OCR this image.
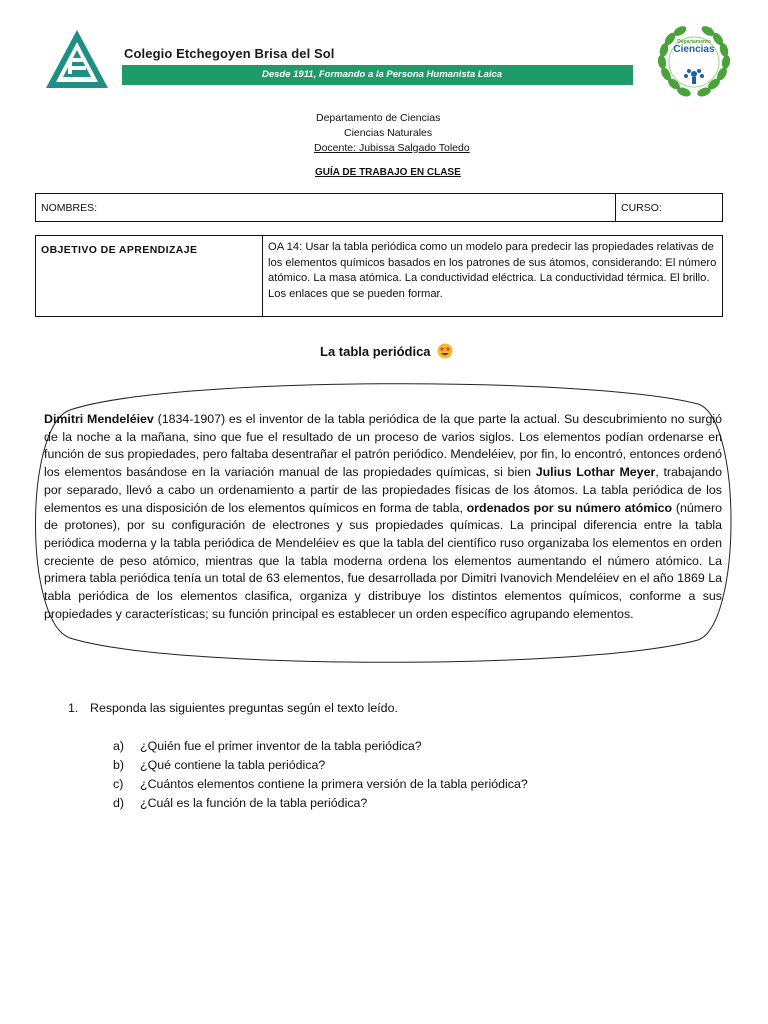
Colegio Etchegoyen Brisa del Sol
Desde 1911, Formando a la Persona Humanista Laica
Departamento
Ciencias
Departamento de Ciencias
Ciencias Naturales
Docente: Jubissa Salgado Toledo
GUÍA DE TRABAJO EN CLASE
NOMBRES:	CURSO:
OBJETIVO DE APRENDIZAJE	OA 14: Usar la tabla periódica como un modelo para predecir las propiedades relativas de los elementos químicos basados en los patrones de sus átomos, considerando: El número atómico. La masa atómica. La conductividad eléctrica. La conductividad térmica. El brillo. Los enlaces que se pueden formar.
La tabla periódica
Dimitri Mendeléiev (1834-1907) es el inventor de la tabla periódica de la que parte la actual. Su descubrimiento no surgió de la noche a la mañana, sino que fue el resultado de un proceso de varios siglos. Los elementos podían ordenarse en función de sus propiedades, pero faltaba desentrañar el patrón periódico. Mendeléiev, por fin, lo encontró, entonces ordenó los elementos basándose en la variación manual de las propiedades químicas, si bien Julius Lothar Meyer, trabajando por separado, llevó a cabo un ordenamiento a partir de las propiedades físicas de los átomos. La tabla periódica de los elementos es una disposición de los elementos químicos en forma de tabla, ordenados por su número atómico (número de protones), por su configuración de electrones y sus propiedades químicas. La principal diferencia entre la tabla periódica moderna y la tabla periódica de Mendeléiev es que la tabla del científico ruso organizaba los elementos en orden creciente de peso atómico, mientras que la tabla moderna ordena los elementos aumentando el número atómico. La primera tabla periódica tenía un total de 63 elementos, fue desarrollada por Dimitri Ivanovich Mendeléiev en el año 1869 La tabla periódica de los elementos clasifica, organiza y distribuye los distintos elementos químicos, conforme a sus propiedades y características; su función principal es establecer un orden específico agrupando elementos.
1. Responda las siguientes preguntas según el texto leído.
a) ¿Quién fue el primer inventor de la tabla periódica?
b) ¿Qué contiene la tabla periódica?
c) ¿Cuántos elementos contiene la primera versión de la tabla periódica?
d) ¿Cuál es la función de la tabla periódica?
